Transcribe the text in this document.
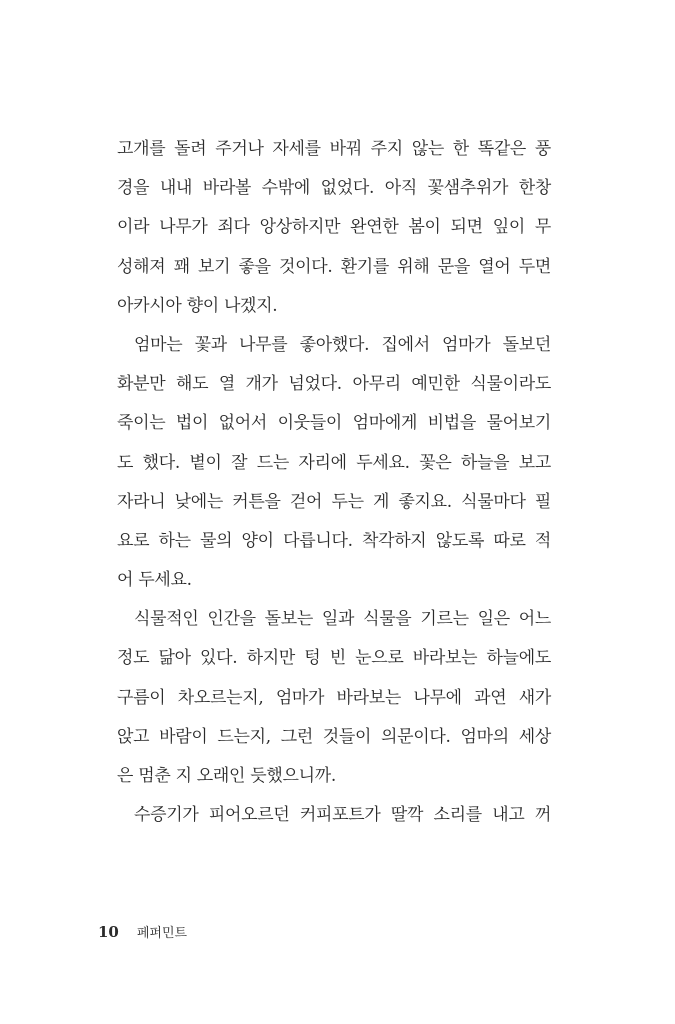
고개를 돌려 주거나 자세를 바꿔 주지 않는 한 똑같은 풍
경을 내내 바라볼 수밖에 없었다. 아직 꽃샘추위가 한창
이라 나무가 죄다 앙상하지만 완연한 봄이 되면 잎이 무
성해져 꽤 보기 좋을 것이다. 환기를 위해 문을 열어 두면
아카시아 향이 나겠지.
엄마는 꽃과 나무를 좋아했다. 집에서 엄마가 돌보던
화분만 해도 열 개가 넘었다. 아무리 예민한 식물이라도
죽이는 법이 없어서 이웃들이 엄마에게 비법을 물어보기
도 했다. 볕이 잘 드는 자리에 두세요. 꽃은 하늘을 보고
자라니 낮에는 커튼을 걷어 두는 게 좋지요. 식물마다 필
요로 하는 물의 양이 다릅니다. 착각하지 않도록 따로 적
어 두세요.
식물적인 인간을 돌보는 일과 식물을 기르는 일은 어느
정도 닮아 있다. 하지만 텅 빈 눈으로 바라보는 하늘에도
구름이 차오르는지, 엄마가 바라보는 나무에 과연 새가
앉고 바람이 드는지, 그런 것들이 의문이다. 엄마의 세상
은 멈춘 지 오래인 듯했으니까.
수증기가 피어오르던 커피포트가 딸깍 소리를 내고 꺼
10 페퍼민트
